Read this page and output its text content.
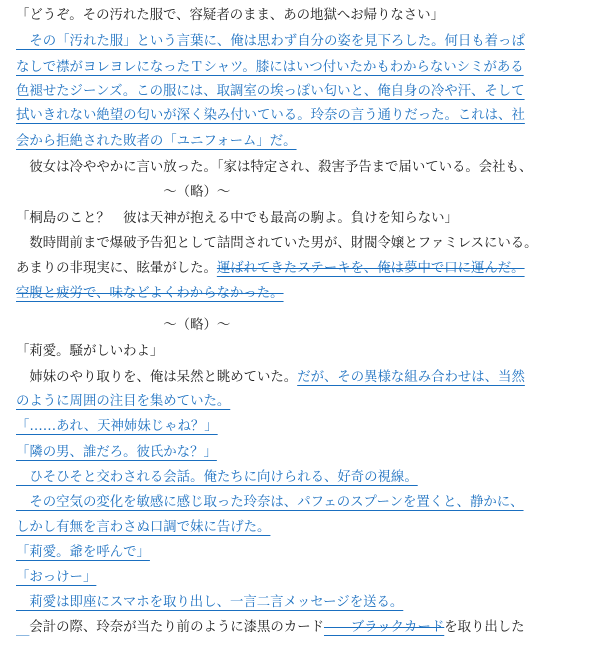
「どうぞ。その汚れた服で、容疑者のまま、あの地獄へお帰りなさい」
　その「汚れた服」という言葉に、俺は思わず自分の姿を見下ろした。何日も着っぱ
なしで襟がヨレヨレになったＴシャツ。膝にはいつ付いたかもわからないシミがある
色褪せたジーンズ。この服には、取調室の埃っぽい匂いと、俺自身の冷や汗、そして
拭いきれない絶望の匂いが深く染み付いている。玲奈の言う通りだった。これは、社
会から拒絶された敗者の「ユニフォーム」だ。
　彼女は冷ややかに言い放った。「家は特定され、殺害予告まで届いている。会社も、
　　　　　　　　　　　～（略）～
「桐島のこと？　彼は天神が抱える中でも最高の駒よ。負けを知らない」
　数時間前まで爆破予告犯として詰問されていた男が、財閥令嬢とファミレスにいる。
あまりの非現実に、眩暈がした。運ばれてきたステーキを、俺は夢中で口に運んだ。
空腹と疲労で、味などよくわからなかった。
　　　　　　　　　　　～（略）～
「莉愛。騒がしいわよ」
　姉妹のやり取りを、俺は呆然と眺めていた。だが、その異様な組み合わせは、当然
のように周囲の注目を集めていた。
「……あれ、天神姉妹じゃね？」
「隣の男、誰だろ。彼氏かな？」
　ひそひそと交わされる会話。俺たちに向けられる、好奇の視線。
　その空気の変化を敏感に感じ取った玲奈は、パフェのスプーンを置くと、静かに、
しかし有無を言わさぬ口調で妹に告げた。
「莉愛。爺を呼んで」
「おっけー」
　莉愛は即座にスマホを取り出し、一言二言メッセージを送る。
　会計の際、玲奈が当たり前のように漆黒のカード――ブラックカードを取り出した
